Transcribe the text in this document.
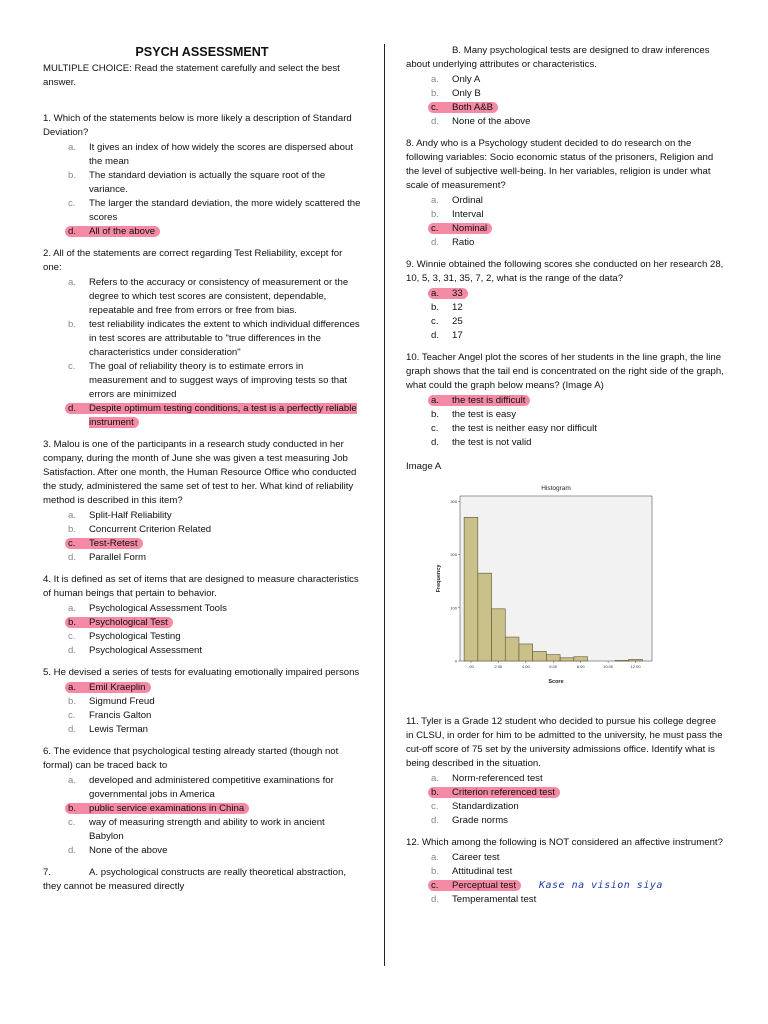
PSYCH ASSESSMENT

MULTIPLE CHOICE: Read the statement carefully and select the best answer.

1. Which of the statements below is more likely a description of Standard Deviation?

a. It gives an index of how widely the scores are dispersed about the mean
b. The standard deviation is actually the square root of the variance.
c. The larger the standard deviation, the more widely scattered the scores
d. All of the above

2. All of the statements are correct regarding Test Reliability, except for one:

a. Refers to the accuracy or consistency of measurement or the degree to which test scores are consistent, dependable, repeatable and free from errors or free from bias.
b. test reliability indicates the extent to which individual differences in test scores are attributable to "true differences in the characteristics under consideration"
c. The goal of reliability theory is to estimate errors in measurement and to suggest ways of improving tests so that errors are minimized
d. Despite optimum testing conditions, a test is a perfectly reliable instrument

3. Malou is one of the participants in a research study conducted in her company, during the month of June she was given a test measuring Job Satisfaction. After one month, the Human Resource Office who conducted the study, administered the same set of test to her. What kind of reliability method is described in this item?

a. Split-Half Reliability
b. Concurrent Criterion Related
c. Test-Retest
d. Parallel Form

4. It is defined as set of items that are designed to measure characteristics of human beings that pertain to behavior.

a. Psychological Assessment Tools
b. Psychological Test
c. Psychological Testing
d. Psychological Assessment

5. He devised a series of tests for evaluating emotionally impaired persons

a. Emil Kraeplin
b. Sigmund Freud
c. Francis Galton
d. Lewis Terman

6. The evidence that psychological testing already started (though not formal) can be traced back to

a. developed and administered competitive examinations for governmental jobs in America
b. public service examinations in China
c. way of measuring strength and ability to work in ancient Babylon
d. None of the above

7.	A. psychological constructs are really theoretical abstraction, they cannot be measured directly

B. Many psychological tests are designed to draw inferences about underlying attributes or characteristics.

a. Only A
b. Only B
c. Both A&B
d. None of the above

8. Andy who is a Psychology student decided to do research on the following variables: Socio economic status of the prisoners, Religion and the level of subjective well-being. In her variables, religion is under what scale of measurement?

a. Ordinal
b. Interval
c. Nominal
d. Ratio

9. Winnie obtained the following scores she conducted on her research 28, 10, 5, 3, 31, 35, 7, 2, what is the range of the data?

a. 33
b. 12
c. 25
d. 17

10. Teacher Angel plot the scores of her students in the line graph, the line graph shows that the tail end is concentrated on the right side of the graph, what could the graph below means? (Image A)

a. the test is difficult
b. the test is easy
c. the test is neither easy nor difficult
d. the test is not valid

Image A

Histogram
Score
Frequency
0
100
200
300
.00	2.00	4.00	6.00	8.00	10.00	12.00

11. Tyler is a Grade 12 student who decided to pursue his college degree in CLSU, in order for him to be admitted to the university, he must pass the cut-off score of 75 set by the university admissions office. Identify what is being described in the situation.

a. Norm-referenced test
b. Criterion referenced test
c. Standardization
d. Grade norms

12. Which among the following is NOT considered an affective instrument?

a. Career test
b. Attitudinal test
c. Perceptual test Kase na vision siya
d. Temperamental test
